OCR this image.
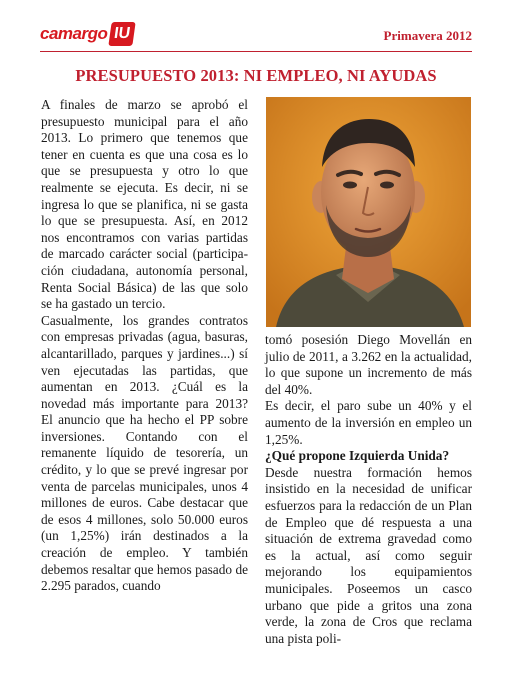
camargo IU	Primavera 2012
PRESUPUESTO 2013: NI EMPLEO, NI AYUDAS

A finales de marzo se aprobó el presupuesto municipal para el año 2013. Lo primero que tenemos que tener en cuenta es que una cosa es lo que se presupuesta y otro lo que realmente se ejecuta. Es decir, ni se ingresa lo que se planifica, ni se gasta lo que se presupuesta. Así, en 2012 nos encontramos con varias partidas de marcado carácter social (participación ciudadana, autonomía personal, Renta Social Básica) de las que solo se ha gastado un tercio.

Casualmente, los grandes contratos con empresas privadas (agua, basuras, alcantarillado, parques y jardines...) sí ven ejecutadas las partidas, que aumentan en 2013. ¿Cuál es la novedad más importante para 2013? El anuncio que ha hecho el PP sobre inversiones. Contando con el remanente líquido de tesorería, un crédito, y lo que se prevé ingresar por venta de parcelas municipales, unos 4 millones de euros. Cabe destacar que de esos 4 millones, solo 50.000 euros (un 1,25%) irán destinados a la creación de empleo. Y también debemos resaltar que hemos pasado de 2.295 parados, cuando

tomó posesión Diego Movellán en julio de 2011, a 3.262 en la actualidad, lo que supone un incremento de más del 40%.

Es decir, el paro sube un 40% y el aumento de la inversión en empleo un 1,25%.

¿Qué propone Izquierda Unida?

Desde nuestra formación hemos insistido en la necesidad de unificar esfuerzos para la redacción de un Plan de Empleo que dé respuesta a una situación de extrema gravedad como es la actual, así como seguir mejorando los equipamientos municipales. Poseemos un casco urbano que pide a gritos una zona verde, la zona de Cros que reclama una pista poli-
